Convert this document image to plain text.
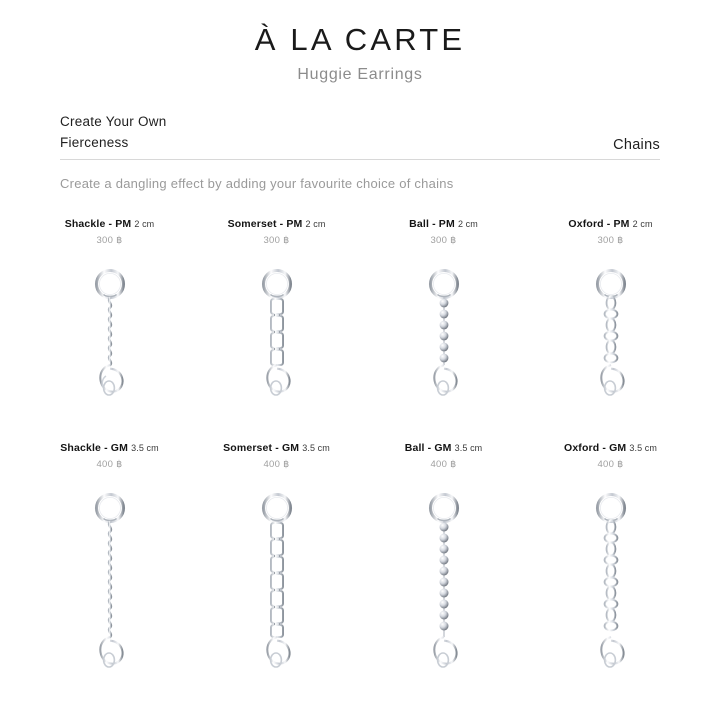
À LA CARTE
Huggie Earrings
Create Your Own
Fierceness	Chains
Create a dangling effect by adding your favourite choice of chains
Shackle - PM 2 cm
300 ฿
Somerset - PM 2 cm
300 ฿
Ball - PM 2 cm
300 ฿
Oxford - PM 2 cm
300 ฿
Shackle - GM 3.5 cm
400 ฿
Somerset - GM 3.5 cm
400 ฿
Ball - GM 3.5 cm
400 ฿
Oxford - GM 3.5 cm
400 ฿
